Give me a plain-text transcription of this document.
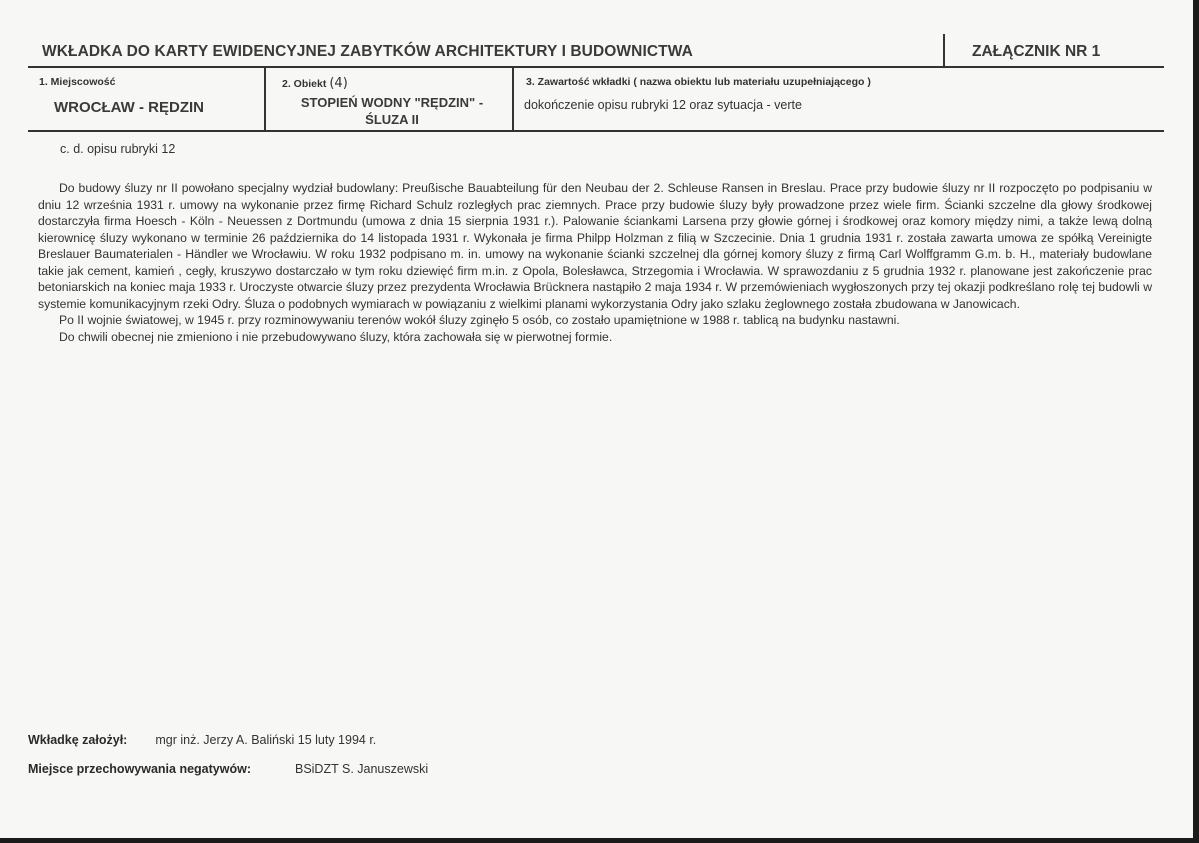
WKŁADKA DO KARTY EWIDENCYJNEJ ZABYTKÓW ARCHITEKTURY I BUDOWNICTWA	ZAŁĄCZNIK NR 1
1. Miejscowość
WROCŁAW - RĘDZIN
2. Obiekt (4)
STOPIEŃ WODNY "RĘDZIN" -
ŚLUZA II
3. Zawartość wkładki ( nazwa obiektu lub materiału uzupełniającego )
dokończenie opisu rubryki 12 oraz sytuacja - verte
c. d. opisu rubryki 12

Do budowy śluzy nr II powołano specjalny wydział budowlany: Preußische Bauabteilung für den Neubau der 2. Schleuse Ransen in Breslau. Prace przy budowie śluzy nr II rozpoczęto po podpisaniu w dniu 12 września 1931 r. umowy na wykonanie przez firmę Richard Schulz rozległych prac ziemnych. Prace przy budowie śluzy były prowadzone przez wiele firm. Ścianki szczelne dla głowy środkowej dostarczyła firma Hoesch - Köln - Neuessen z Dortmundu (umowa z dnia 15 sierpnia 1931 r.). Palowanie ściankami Larsena przy głowie górnej i środkowej oraz komory między nimi, a także lewą dolną kierownicę śluzy wykonano w terminie 26 października do 14 listopada 1931 r. Wykonała je firma Philpp Holzman z filią w Szczecinie. Dnia 1 grudnia 1931 r. została zawarta umowa ze spółką Vereinigte Breslauer Baumaterialen - Händler we Wrocławiu. W roku 1932 podpisano m. in. umowy na wykonanie ścianki szczelnej dla górnej komory śluzy z firmą Carl Wolffgramm G.m. b. H., materiały budowlane takie jak cement, kamień , cegły, kruszywo dostarczało w tym roku dziewięć firm m.in. z Opola, Bolesławca, Strzegomia i Wrocławia. W sprawozdaniu z 5 grudnia 1932 r. planowane jest zakończenie prac betoniarskich na koniec maja 1933 r. Uroczyste otwarcie śluzy przez prezydenta Wrocławia Brücknera nastąpiło 2 maja 1934 r. W przemówieniach wygłoszonych przy tej okazji podkreślano rolę tej budowli w systemie komunikacyjnym rzeki Odry. Śluza o podobnych wymiarach w powiązaniu z wielkimi planami wykorzystania Odry jako szlaku żeglownego została zbudowana w Janowicach.

Po II wojnie światowej, w 1945 r. przy rozminowywaniu terenów wokół śluzy zginęło 5 osób, co zostało upamiętnione w 1988 r. tablicą na budynku nastawni.

Do chwili obecnej nie zmieniono i nie przebudowywano śluzy, która zachowała się w pierwotnej formie.

Wkładkę założył: mgr inż. Jerzy A. Baliński 15 luty 1994 r.
Miejsce przechowywania negatywów:	BSiDZT S. Januszewski
